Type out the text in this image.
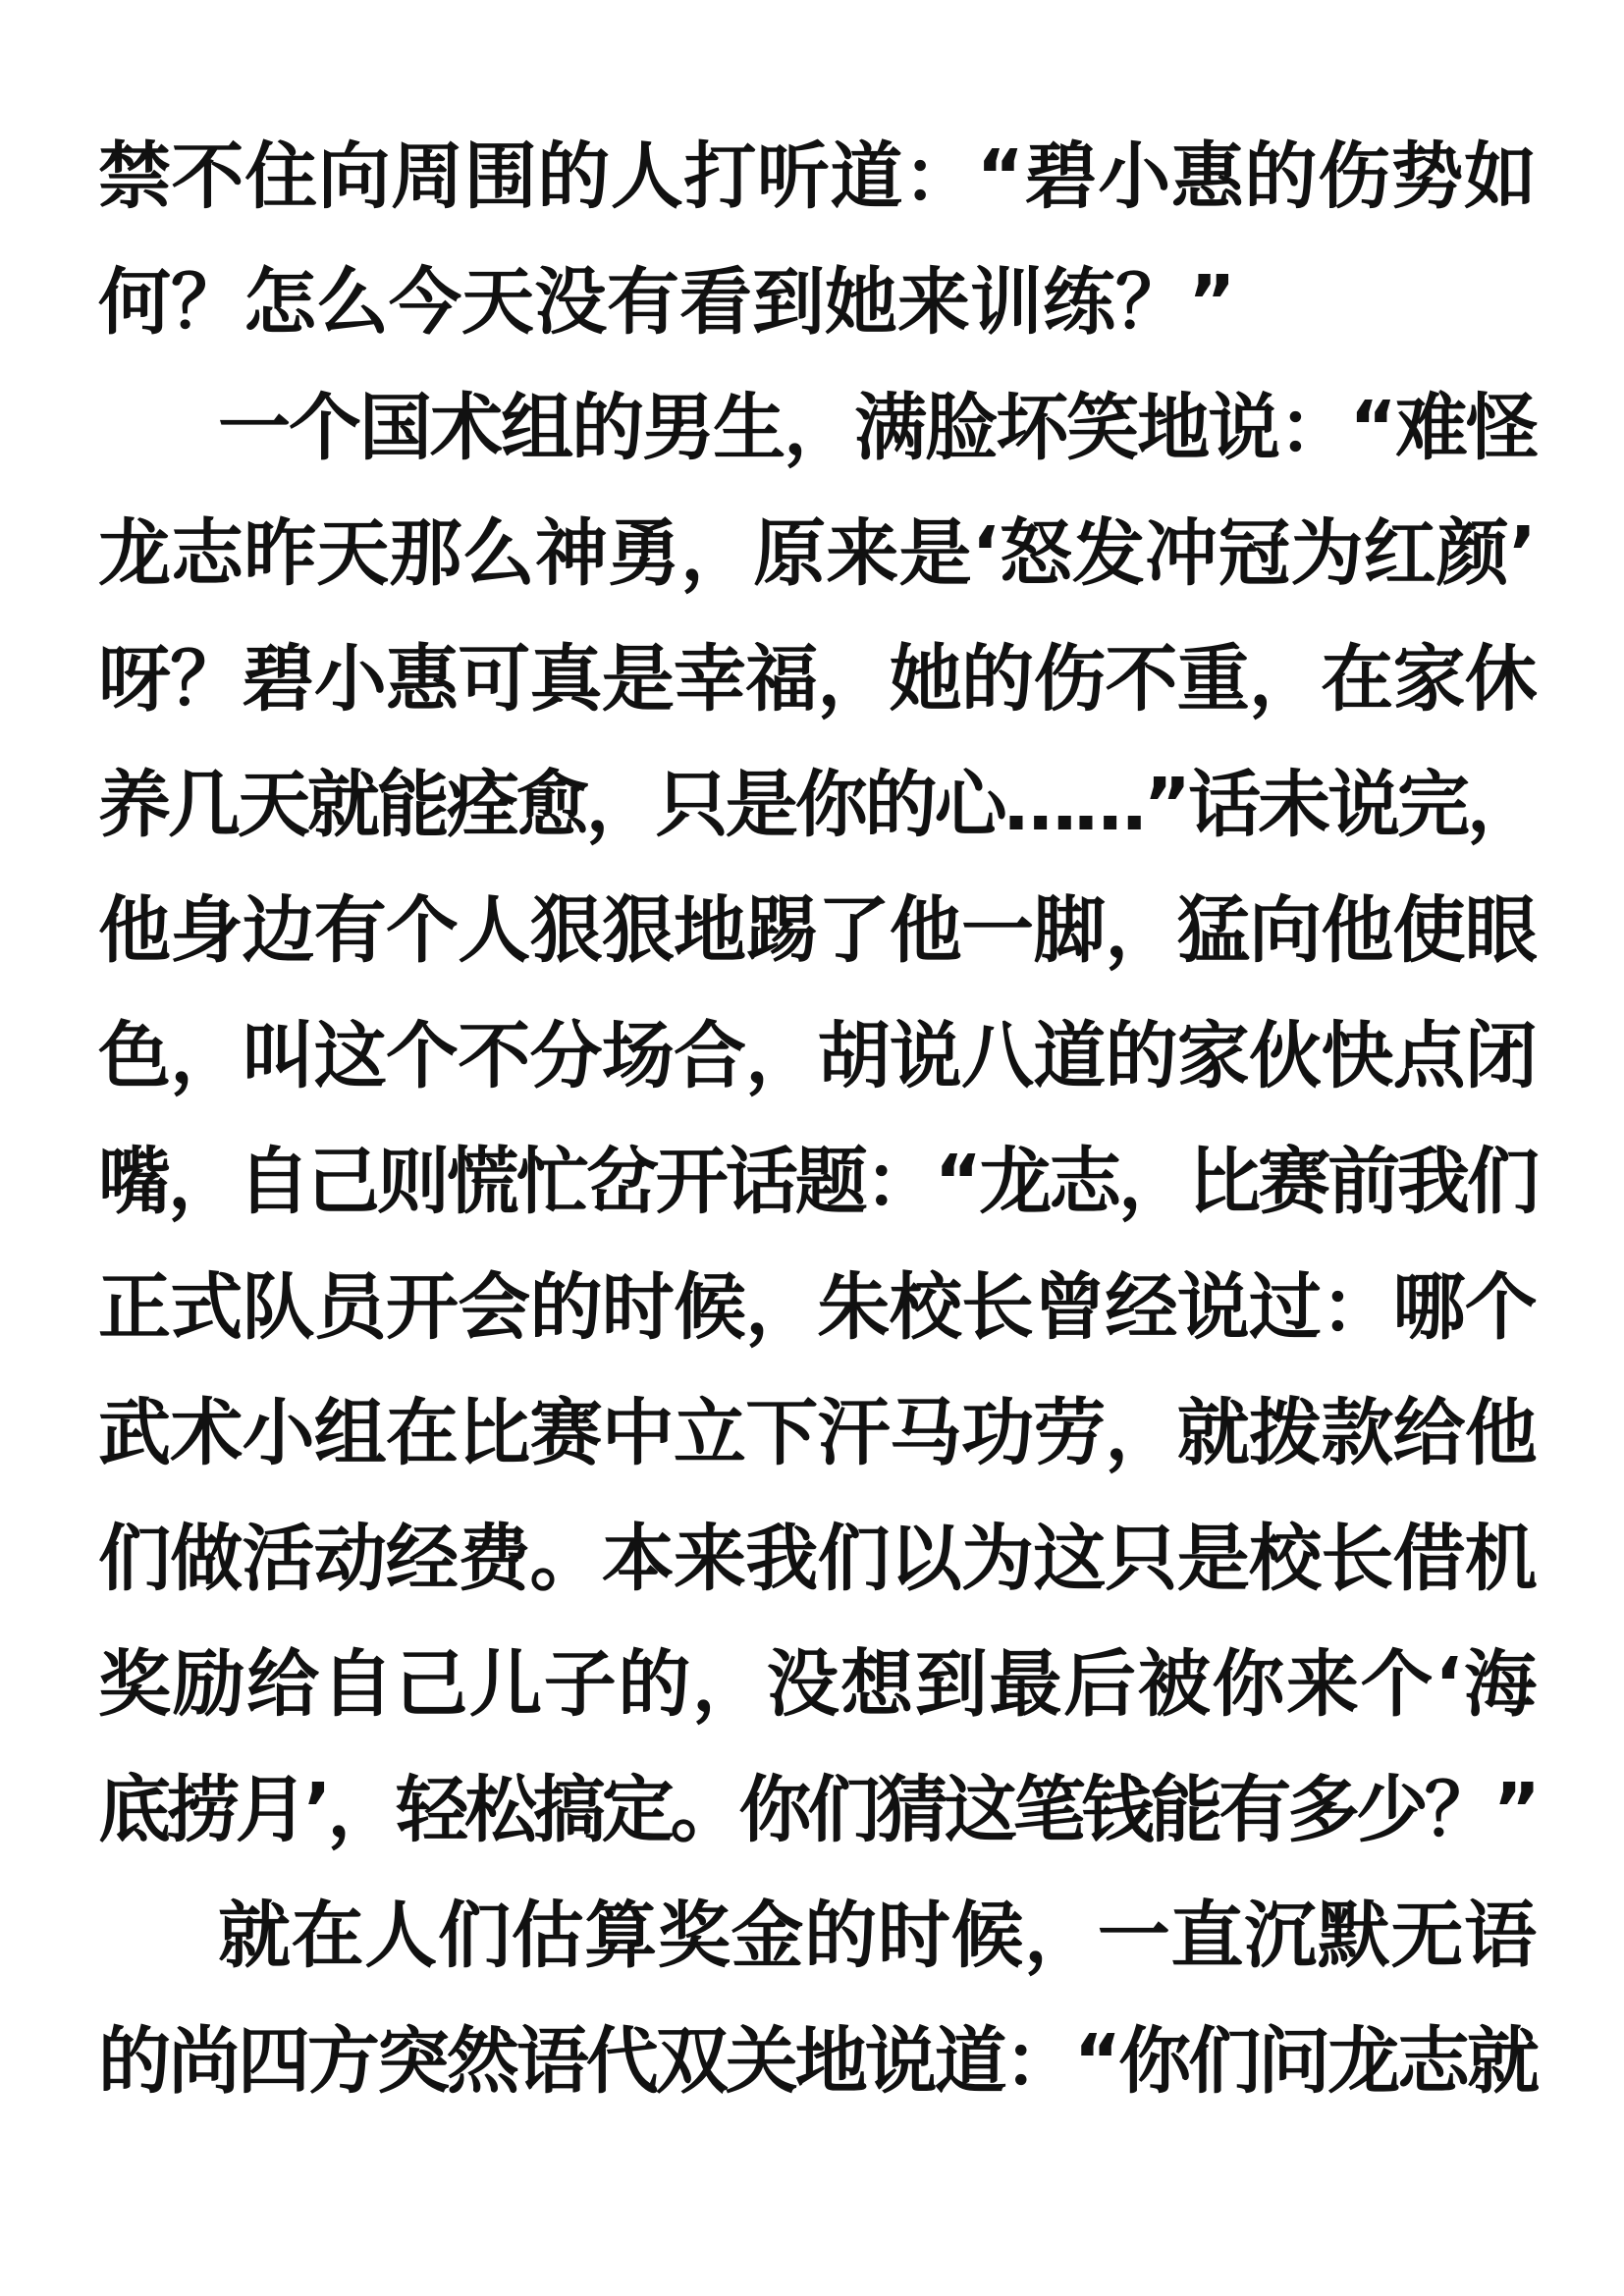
禁不住向周围的人打听道：“碧小惠的伤势如
何？怎么今天没有看到她来训练？”
一个国术组的男生，满脸坏笑地说：“难怪
龙志昨天那么神勇，原来是‘怒发冲冠为红颜’
呀？碧小惠可真是幸福，她的伤不重，在家休
养几天就能痊愈，只是你的心……”话未说完，
他身边有个人狠狠地踢了他一脚，猛向他使眼
色，叫这个不分场合，胡说八道的家伙快点闭
嘴，自己则慌忙岔开话题：“龙志，比赛前我们
正式队员开会的时候，朱校长曾经说过：哪个
武术小组在比赛中立下汗马功劳，就拨款给他
们做活动经费。本来我们以为这只是校长借机
奖励给自己儿子的，没想到最后被你来个‘海
底捞月’，轻松搞定。你们猜这笔钱能有多少？”
就在人们估算奖金的时候，一直沉默无语
的尚四方突然语代双关地说道：“你们问龙志就
